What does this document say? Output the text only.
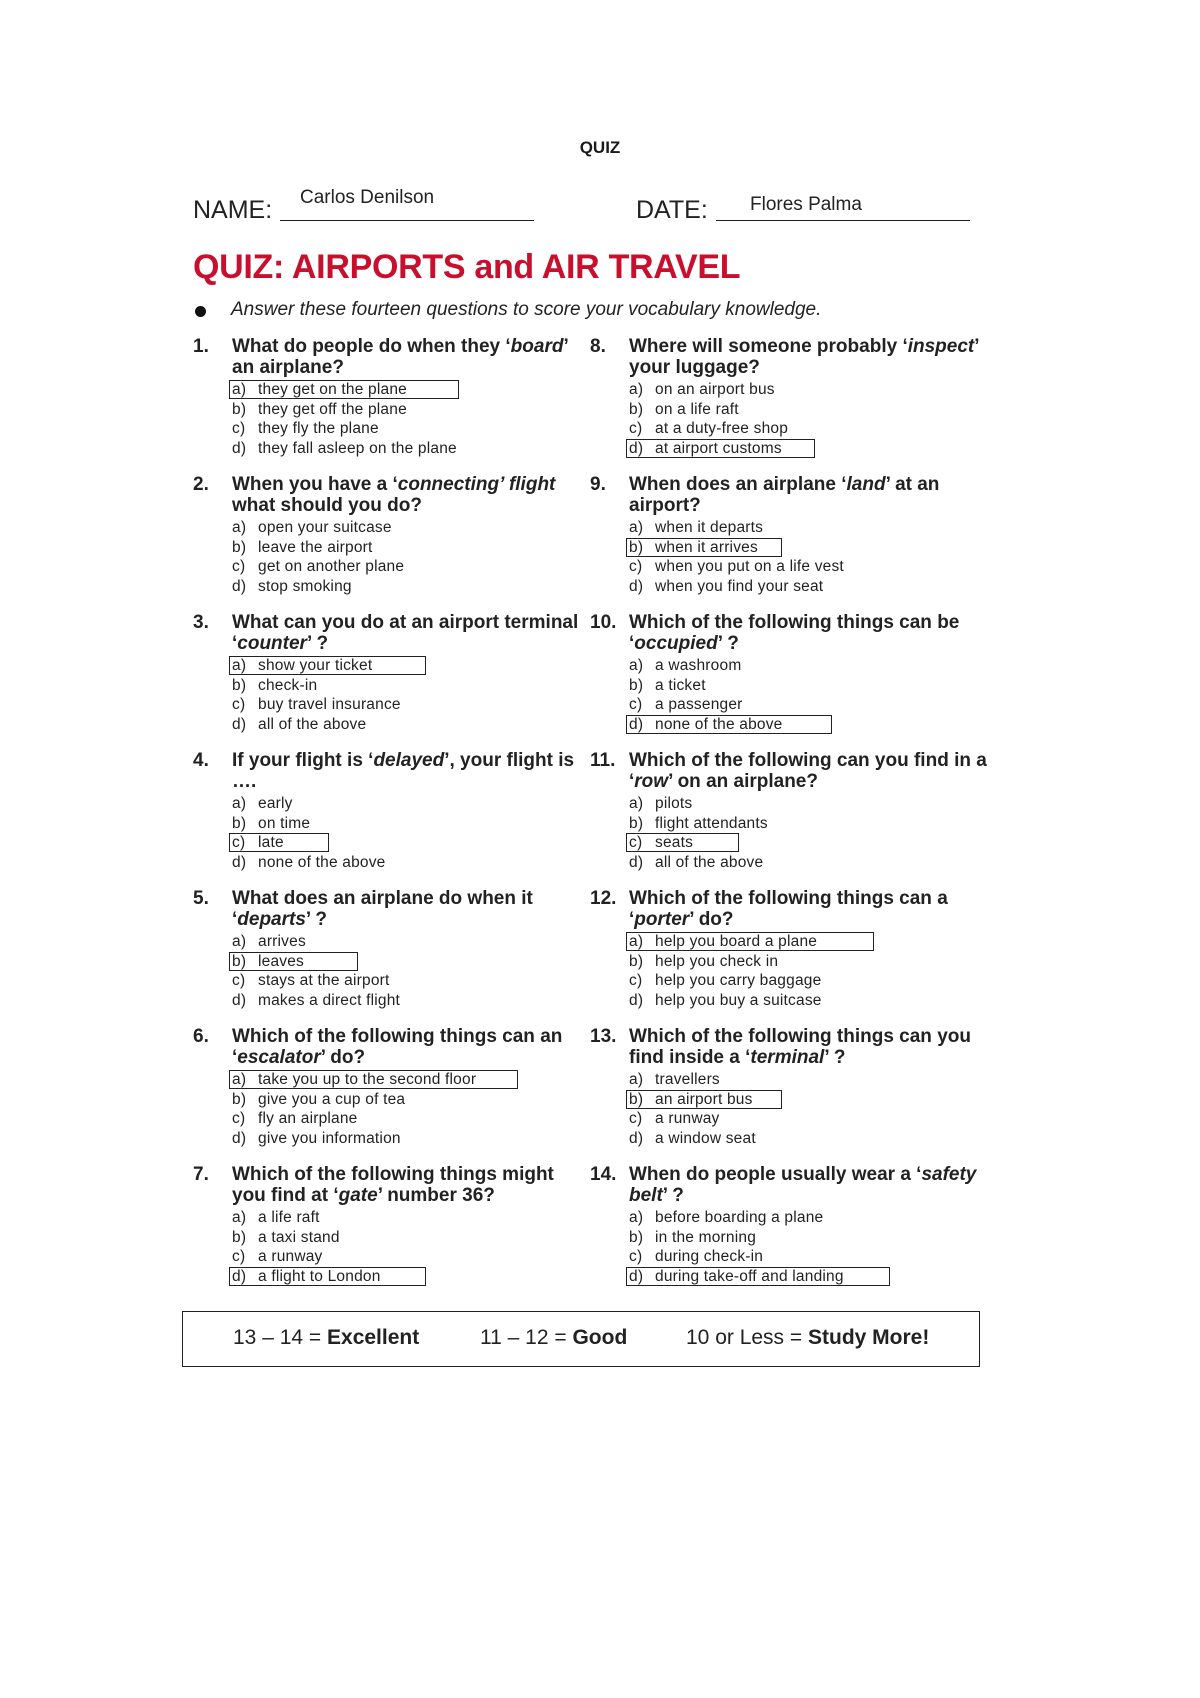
QUIZ
NAME: Carlos Denilson	DATE: Flores Palma
QUIZ: AIRPORTS and AIR TRAVEL
Answer these fourteen questions to score your vocabulary knowledge.
1. What do people do when they ‘board’ an airplane?
a) they get on the plane
b) they get off the plane
c) they fly the plane
d) they fall asleep on the plane
2. When you have a ‘connecting’ flight what should you do?
a) open your suitcase
b) leave the airport
c) get on another plane
d) stop smoking
3. What can you do at an airport terminal ‘counter’ ?
a) show your ticket
b) check-in
c) buy travel insurance
d) all of the above
4. If your flight is ‘delayed’, your flight is ….
a) early
b) on time
c) late
d) none of the above
5. What does an airplane do when it ‘departs’ ?
a) arrives
b) leaves
c) stays at the airport
d) makes a direct flight
6. Which of the following things can an ‘escalator’ do?
a) take you up to the second floor
b) give you a cup of tea
c) fly an airplane
d) give you information
7. Which of the following things might you find at ‘gate’ number 36?
a) a life raft
b) a taxi stand
c) a runway
d) a flight to London
8. Where will someone probably ‘inspect’ your luggage?
a) on an airport bus
b) on a life raft
c) at a duty-free shop
d) at airport customs
9. When does an airplane ‘land’ at an airport?
a) when it departs
b) when it arrives
c) when you put on a life vest
d) when you find your seat
10. Which of the following things can be ‘occupied’ ?
a) a washroom
b) a ticket
c) a passenger
d) none of the above
11. Which of the following can you find in a ‘row’ on an airplane?
a) pilots
b) flight attendants
c) seats
d) all of the above
12. Which of the following things can a ‘porter’ do?
a) help you board a plane
b) help you check in
c) help you carry baggage
d) help you buy a suitcase
13. Which of the following things can you find inside a ‘terminal’ ?
a) travellers
b) an airport bus
c) a runway
d) a window seat
14. When do people usually wear a ‘safety belt’ ?
a) before boarding a plane
b) in the morning
c) during check-in
d) during take-off and landing
13 – 14 = Excellent	11 – 12 = Good	10 or Less = Study More!
